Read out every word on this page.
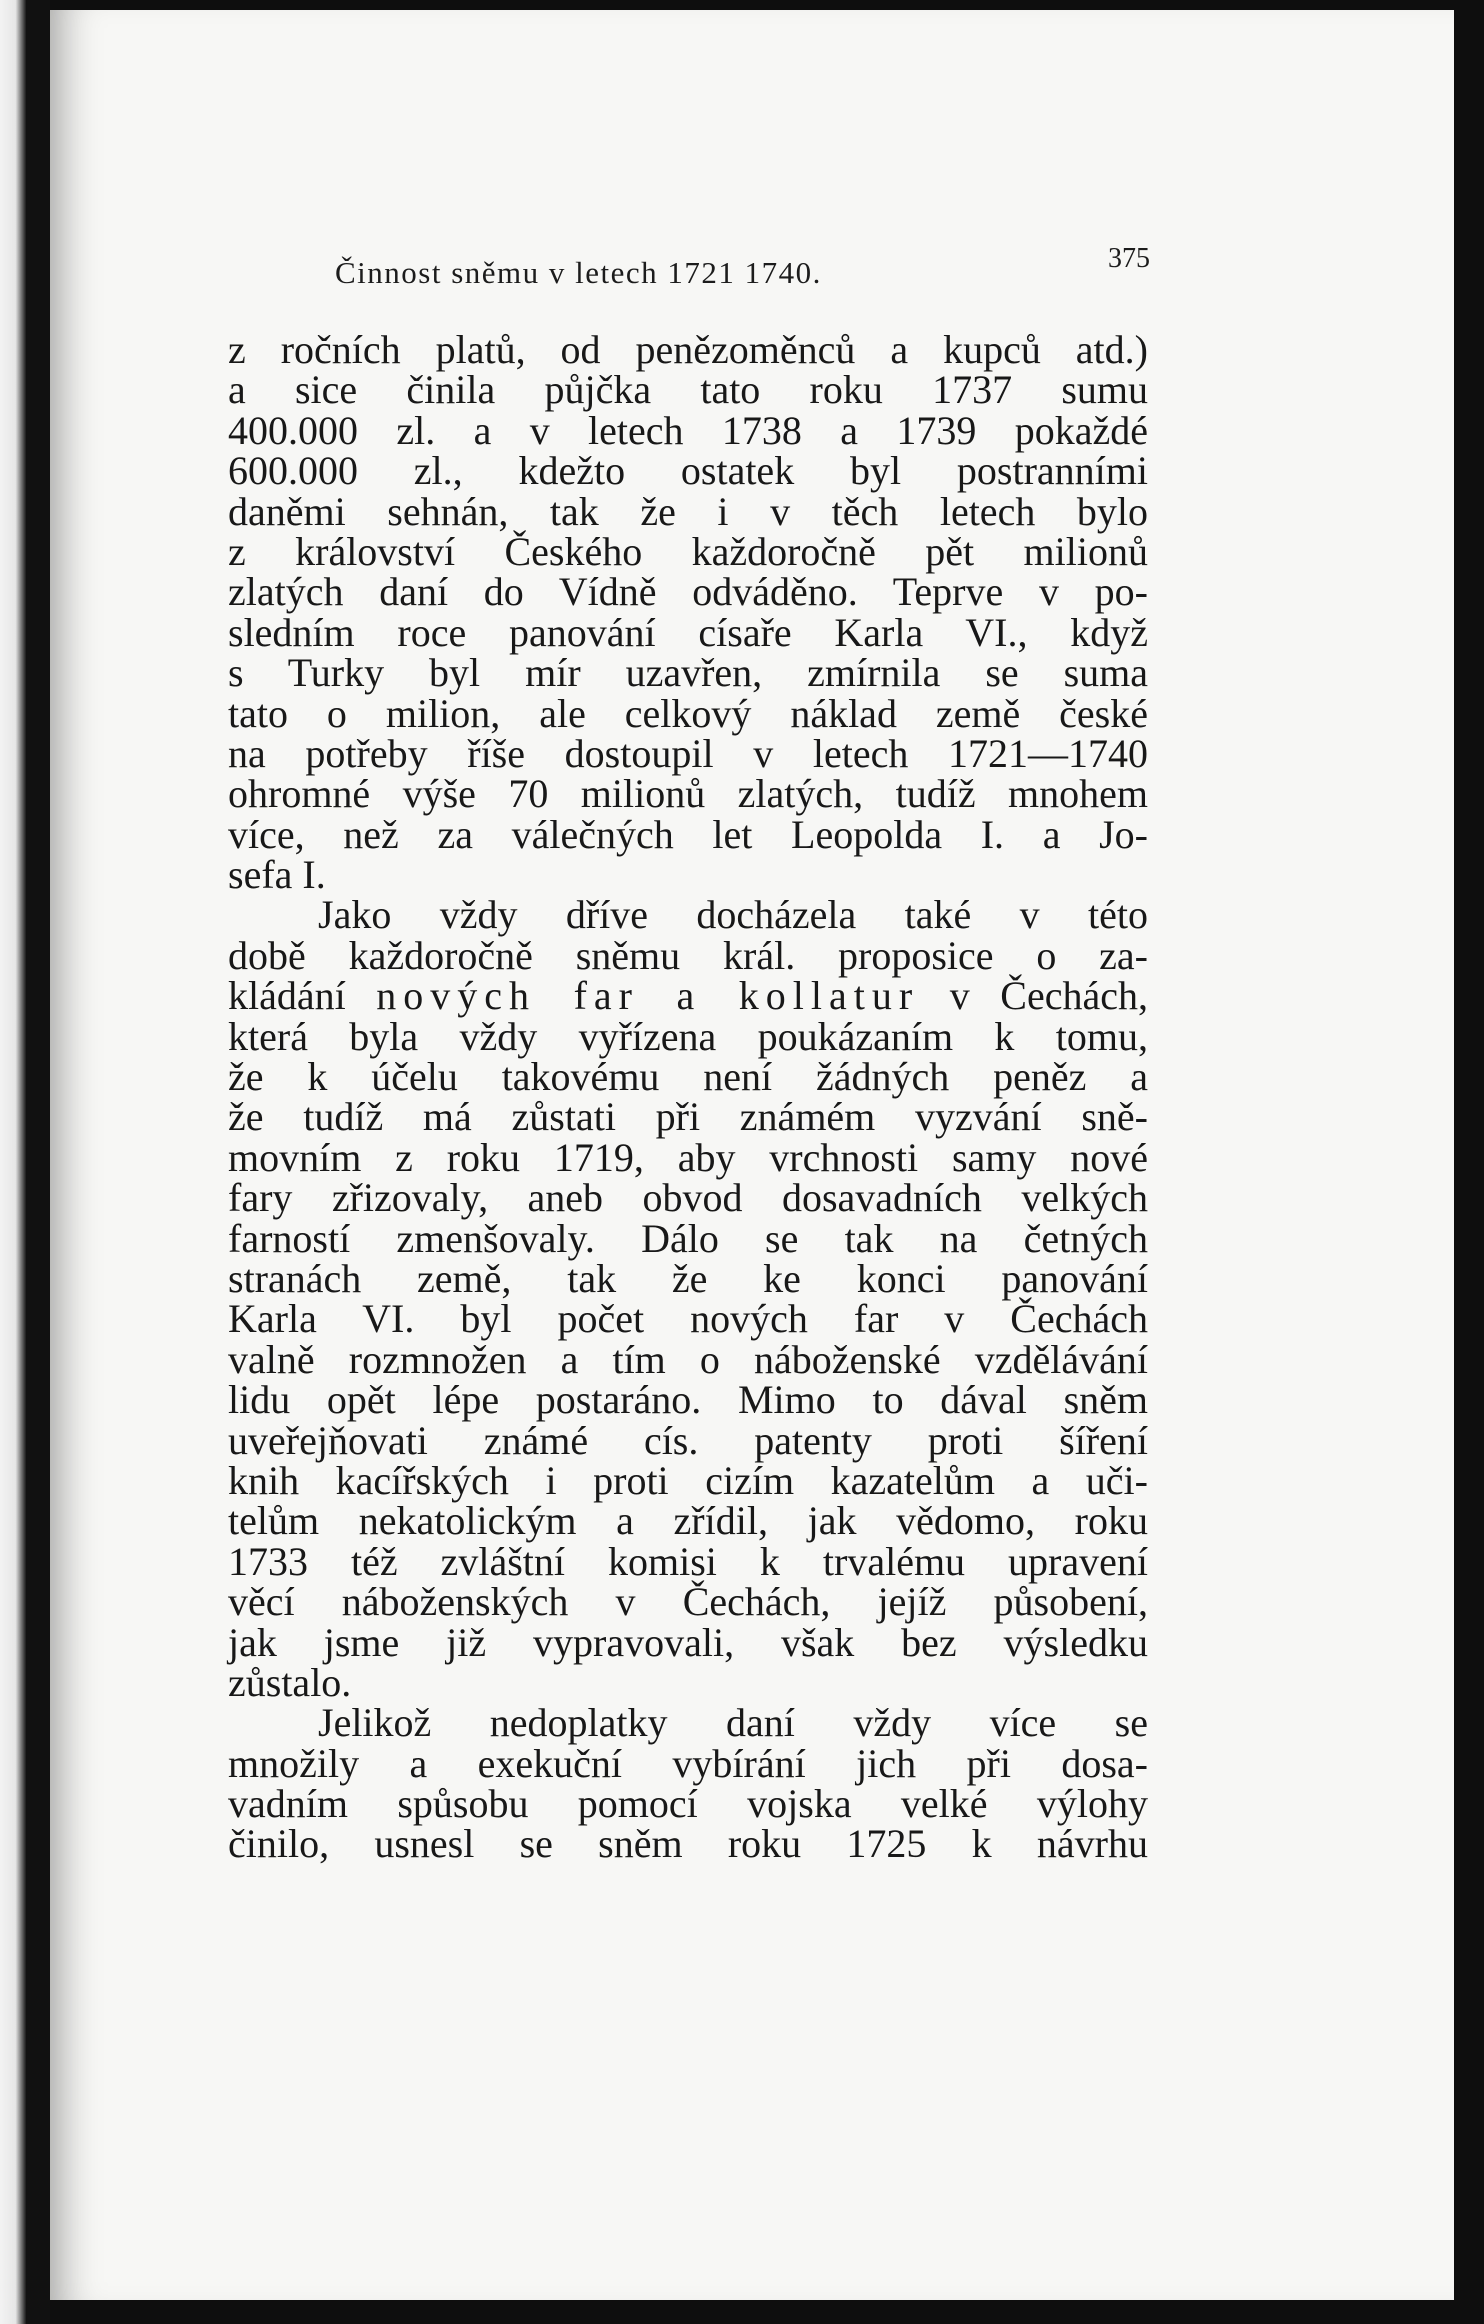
Činnost sněmu v letech 1721 1740.	375
z ročních platů, od penězoměnců a kupců atd.)
a sice činila půjčka tato roku 1737 sumu
400.000 zl. a v letech 1738 a 1739 pokaždé
600.000 zl., kdežto ostatek byl postranními
daněmi sehnán, tak že i v těch letech bylo
z království Českého každoročně pět milionů
zlatých daní do Vídně odváděno. Teprve v po-
sledním roce panování císaře Karla VI., když
s Turky byl mír uzavřen, zmírnila se suma
tato o milion, ale celkový náklad země české
na potřeby říše dostoupil v letech 1721—1740
ohromné výše 70 milionů zlatých, tudíž mnohem
více, než za válečných let Leopolda I. a Jo-
sefa I.
Jako vždy dříve docházela také v této
době každoročně sněmu král. proposice o za-
kládání nových far a kollatur v Čechách,
která byla vždy vyřízena poukázaním k tomu,
že k účelu takovému není žádných peněz a
že tudíž má zůstati při známém vyzvání sně-
movním z roku 1719, aby vrchnosti samy nové
fary zřizovaly, aneb obvod dosavadních velkých
farností zmenšovaly. Dálo se tak na četných
stranách země, tak že ke konci panování
Karla VI. byl počet nových far v Čechách
valně rozmnožen a tím o náboženské vzdělávání
lidu opět lépe postaráno. Mimo to dával sněm
uveřejňovati známé cís. patenty proti šíření
knih kacířských i proti cizím kazatelům a uči-
telům nekatolickým a zřídil, jak vědomo, roku
1733 též zvláštní komisi k trvalému upravení
věcí náboženských v Čechách, jejíž působení,
jak jsme již vypravovali, však bez výsledku
zůstalo.
Jelikož nedoplatky daní vždy více se
množily a exekuční vybírání jich při dosa-
vadním spůsobu pomocí vojska velké výlohy
činilo, usnesl se sněm roku 1725 k návrhu
